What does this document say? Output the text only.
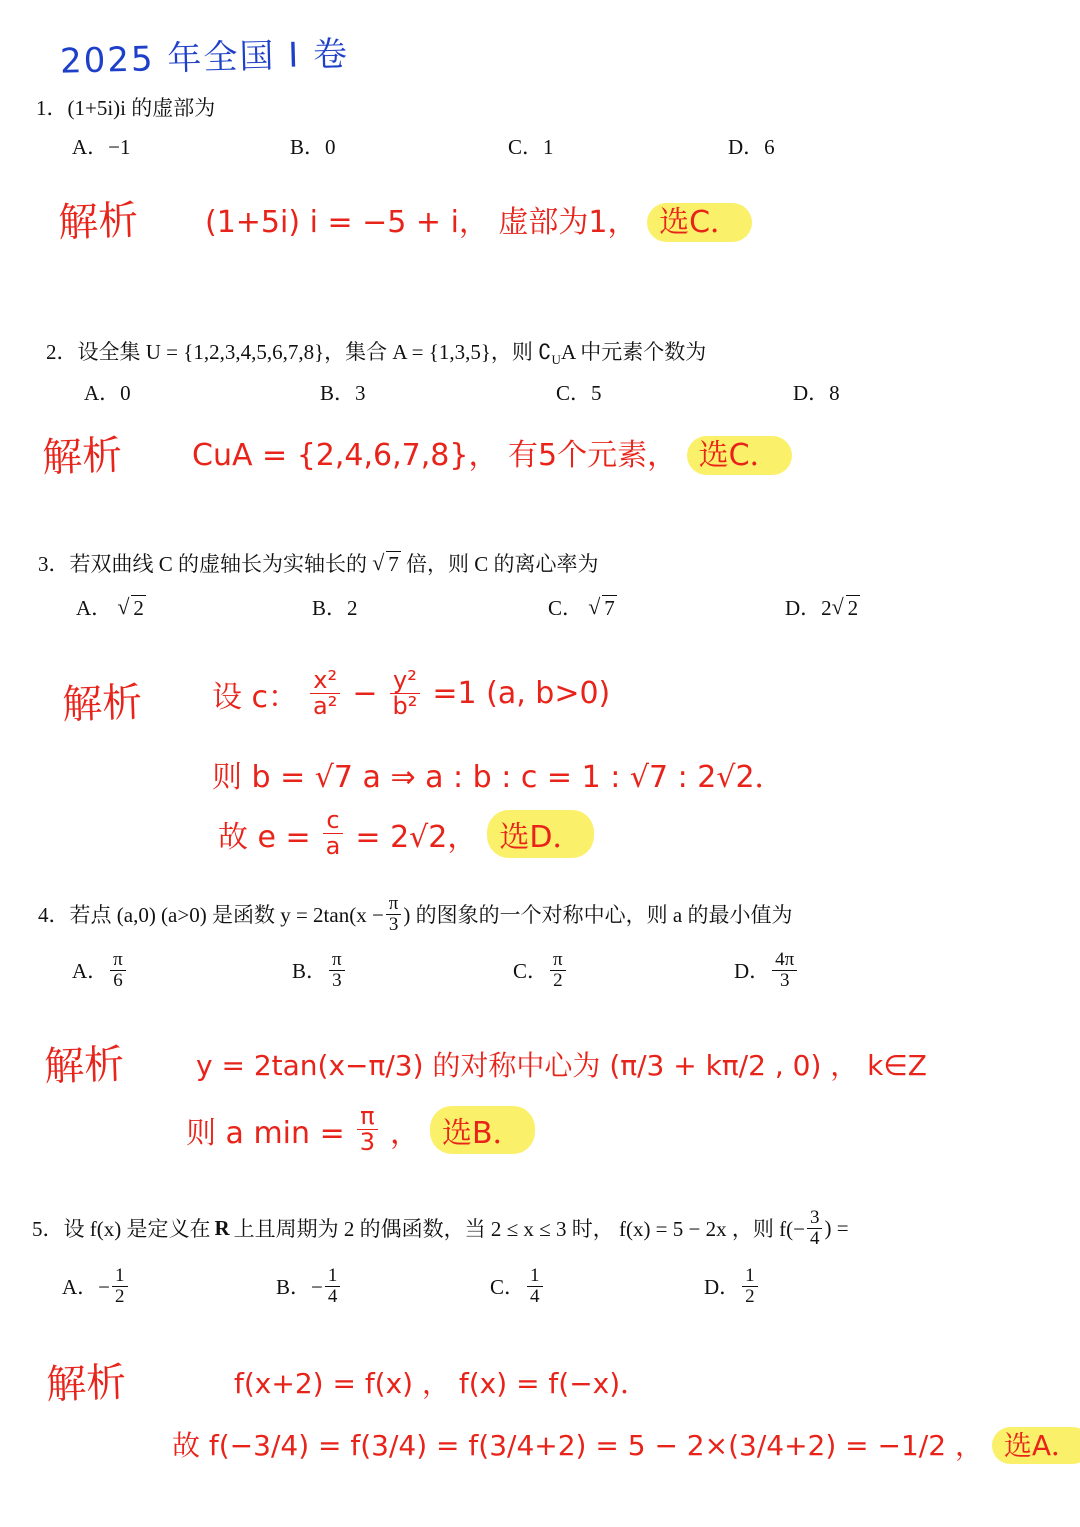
2025 年全国 I 卷
1．(1+5i)i 的虚部为
A．−1	B．0	C．1	D．6
解析 (1+5i) i = −5 + i， 虚部为1， 选C．
2．设全集 U = {1,2,3,4,5,6,7,8}，集合 A = {1,3,5}，则 $∁_UA$ 中元素个数为
A．0	B．3	C．5	D．8
解析 CuA = {2,4,6,7,8}， 有5个元素， 选C．
3．若双曲线 C 的虚轴长为实轴长的 √ 7 倍，则 C 的离心率为
A． √ 2	B．2	C． √ 7	D．2 √ 2
解析 设 c： $\frac{\text{x²}}{\text{a²}} - \frac{\text{y²}}{\text{b²}} =1$ (a, b>0)
则 b = √7 a ⇒ a : b : c = 1 : √7 : 2√2．
故 $e = \frac{c}{a} = 2√2$， 选D．
4．若点 (a,0) (a>0) 是函数 $y = 2\tan(x - \frac{\pi}{3}$ ) 的图象的一个对称中心，则 a 的最小值为
A． $\frac{\pi}{6}$	B． $\frac{\pi}{3}$	C． $\frac{\pi}{2}$	D． $\frac{4\pi}{3}$
解析	y = 2tan(x−π/3) 的对称中心为 (π/3 + kπ/2 , 0) ， k∈Z
则 a $\min = \frac{\pi}{3}$ ， 选B．
5．设 f(x) 是定义在 R 上且周期为 2 的偶函数，当 2 ≤ x ≤ 3 时， f(x) = 5 − 2x ，则 $f(- \frac{3}{4}$ ) =
A．− $\frac{1}{2}$	B．− $\frac{1}{4}$	C． $\frac{1}{4}$	D． $\frac{1}{2}$
解析	f(x+2) = f(x) ， f(x) = f(−x)．
故 f(−3/4) = f(3/4) = f(3/4+2) = 5 − 2×(3/4+2) = −1/2 ， 选A．
